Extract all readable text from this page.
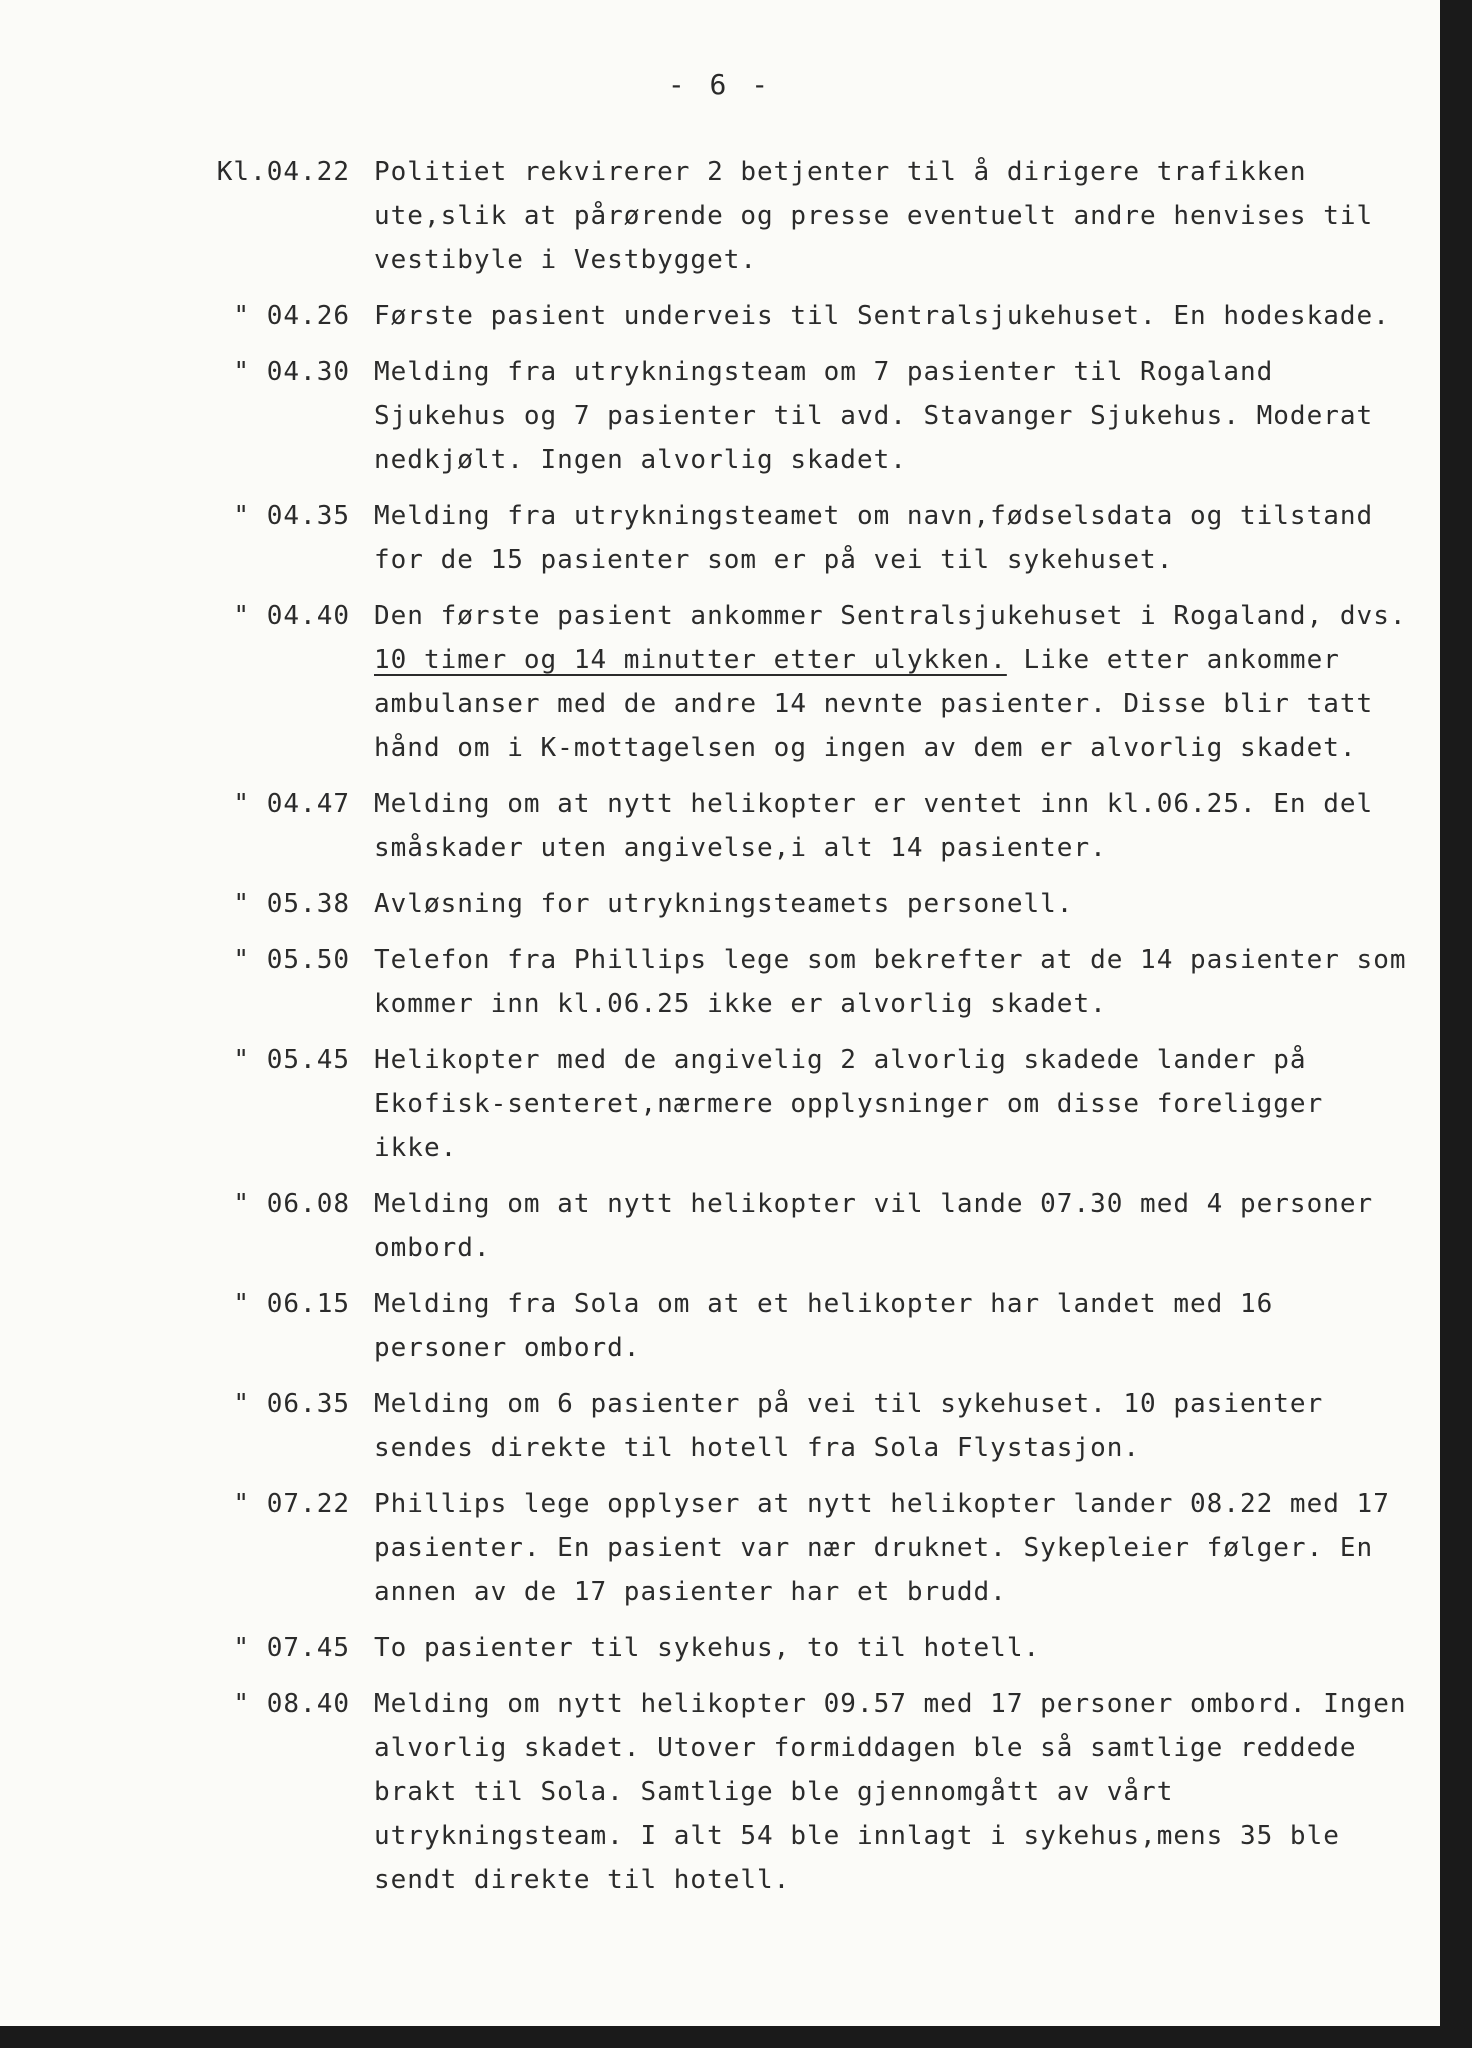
- 6 -
Kl.04.22 Politiet rekvirerer 2 betjenter til å dirigere trafikken ute,slik at pårørende og presse eventuelt andre henvises til vestibyle i Vestbygget.
" 04.26 Første pasient underveis til Sentralsjukehuset. En hodeskade.
" 04.30 Melding fra utrykningsteam om 7 pasienter til Rogaland Sjukehus og 7 pasienter til avd. Stavanger Sjukehus. Moderat nedkjølt. Ingen alvorlig skadet.
" 04.35 Melding fra utrykningsteamet om navn,fødselsdata og tilstand for de 15 pasienter som er på vei til sykehuset.
" 04.40 Den første pasient ankommer Sentralsjukehuset i Rogaland, dvs. 10 timer og 14 minutter etter ulykken. Like etter ankommer ambulanser med de andre 14 nevnte pasienter. Disse blir tatt hånd om i K-mottagelsen og ingen av dem er alvorlig skadet.
" 04.47 Melding om at nytt helikopter er ventet inn kl.06.25. En del småskader uten angivelse,i alt 14 pasienter.
" 05.38 Avløsning for utrykningsteamets personell.
" 05.50 Telefon fra Phillips lege som bekrefter at de 14 pasienter som kommer inn kl.06.25 ikke er alvorlig skadet.
" 05.45 Helikopter med de angivelig 2 alvorlig skadede lander på Ekofisk-senteret,nærmere opplysninger om disse foreligger ikke.
" 06.08 Melding om at nytt helikopter vil lande 07.30 med 4 personer ombord.
" 06.15 Melding fra Sola om at et helikopter har landet med 16 personer ombord.
" 06.35 Melding om 6 pasienter på vei til sykehuset. 10 pasienter sendes direkte til hotell fra Sola Flystasjon.
" 07.22 Phillips lege opplyser at nytt helikopter lander 08.22 med 17 pasienter. En pasient var nær druknet. Sykepleier følger. En annen av de 17 pasienter har et brudd.
" 07.45 To pasienter til sykehus, to til hotell.
" 08.40 Melding om nytt helikopter 09.57 med 17 personer ombord. Ingen alvorlig skadet. Utover formiddagen ble så samtlige reddede brakt til Sola. Samtlige ble gjennomgått av vårt utrykningsteam. I alt 54 ble innlagt i sykehus,mens 35 ble sendt direkte til hotell.
